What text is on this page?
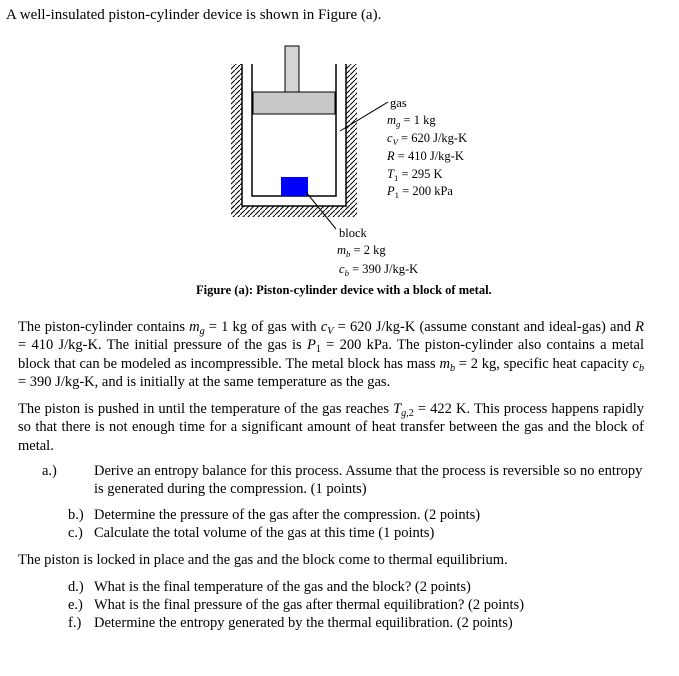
A well-insulated piston-cylinder device is shown in Figure (a).
gas
$m_g = 1$ kg
$c_V = 620$ J/kg-K
R = 410 J/kg-K
$T_1 = 295$ K
$P_1 = 200$ kPa
block
$m_b = 2$ kg
$c_b = 390$ J/kg-K
Figure (a): Piston-cylinder device with a block of metal.
The piston-cylinder contains $m_g = 1$ kg of gas with $c_V = 620$ J/kg-K (assume constant and ideal-gas) and R = 410 J/kg-K. The initial pressure of the gas is $P_1 = 200$ kPa. The piston-cylinder also contains a metal block that can be modeled as incompressible. The metal block has mass $m_b = 2$ kg, specific heat capacity $c_b = 390$ J/kg-K, and is initially at the same temperature as the gas.
The piston is pushed in until the temperature of the gas reaches $T_{g,2} = 422$ K. This process happens rapidly so that there is not enough time for a significant amount of heat transfer between the gas and the block of metal.
a.)	Derive an entropy balance for this process. Assume that the process is reversible so no entropy is generated during the compression. (1 points)
b.) Determine the pressure of the gas after the compression. (2 points)
c.) Calculate the total volume of the gas at this time (1 points)
The piston is locked in place and the gas and the block come to thermal equilibrium.
d.) What is the final temperature of the gas and the block? (2 points)
e.) What is the final pressure of the gas after thermal equilibration? (2 points)
f.) Determine the entropy generated by the thermal equilibration. (2 points)
